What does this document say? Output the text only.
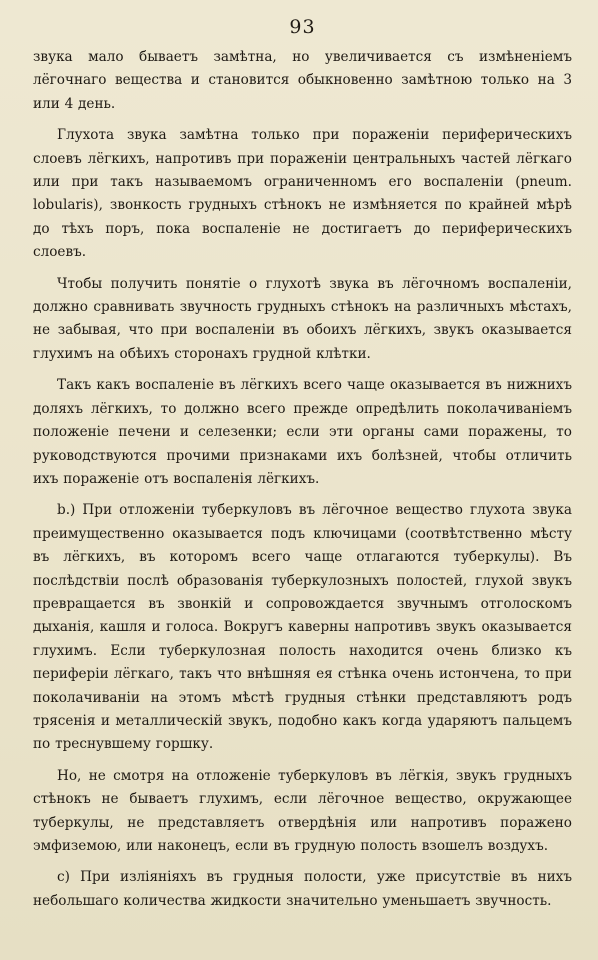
93

звука мало бываетъ замѣтна, но увеличивается съ измѣненіемъ лёгочнаго вещества и становится обыкновенно замѣтною только на 3 или 4 день.

Глухота звука замѣтна только при пораженіи периферическихъ слоевъ лёгкихъ, напротивъ при пораженіи центральныхъ частей лёгкаго или при такъ называемомъ ограниченномъ его воспаленіи (pneum. lobularis), звонкость грудныхъ стѣнокъ не измѣняется по крайней мѣрѣ до тѣхъ поръ, пока воспаленіе не достигаетъ до периферическихъ слоевъ.

Чтобы получить понятіе о глухотѣ звука въ лёгочномъ воспаленіи, должно сравнивать звучность грудныхъ стѣнокъ на различныхъ мѣстахъ, не забывая, что при воспаленіи въ обоихъ лёгкихъ, звукъ оказывается глухимъ на обѣихъ сторонахъ грудной клѣтки.

Такъ какъ воспаленіе въ лёгкихъ всего чаще оказывается въ нижнихъ доляхъ лёгкихъ, то должно всего прежде опредѣлить поколачиваніемъ положеніе печени и селезенки; если эти органы сами поражены, то руководствуются прочими признаками ихъ болѣзней, чтобы отличить ихъ пораженіе отъ воспаленія лёгкихъ.

b.) При отложеніи туберкуловъ въ лёгочное вещество глухота звука преимущественно оказывается подъ ключицами (соотвѣтственно мѣсту въ лёгкихъ, въ которомъ всего чаще отлагаются туберкулы). Въ послѣдствіи послѣ образованія туберкулозныхъ полостей, глухой звукъ превращается въ звонкій и сопровождается звучнымъ отголоскомъ дыханія, кашля и голоса. Вокругъ каверны напротивъ звукъ оказывается глухимъ. Если туберкулозная полость находится очень близко къ периферіи лёгкаго, такъ что внѣшняя ея стѣнка очень истончена, то при поколачиваніи на этомъ мѣстѣ грудныя стѣнки представляютъ родъ трясенія и металлическій звукъ, подобно какъ когда ударяютъ пальцемъ по треснувшему горшку.

Но, не смотря на отложеніе туберкуловъ въ лёгкія, звукъ грудныхъ стѣнокъ не бываетъ глухимъ, если лёгочное вещество, окружающее туберкулы, не представляетъ отвердѣнія или напротивъ поражено эмфиземою, или наконецъ, если въ грудную полость взошелъ воздухъ.

c) При изліяніяхъ въ грудныя полости, уже присутствіе въ нихъ небольшаго количества жидкости значительно уменьшаетъ звучность.
